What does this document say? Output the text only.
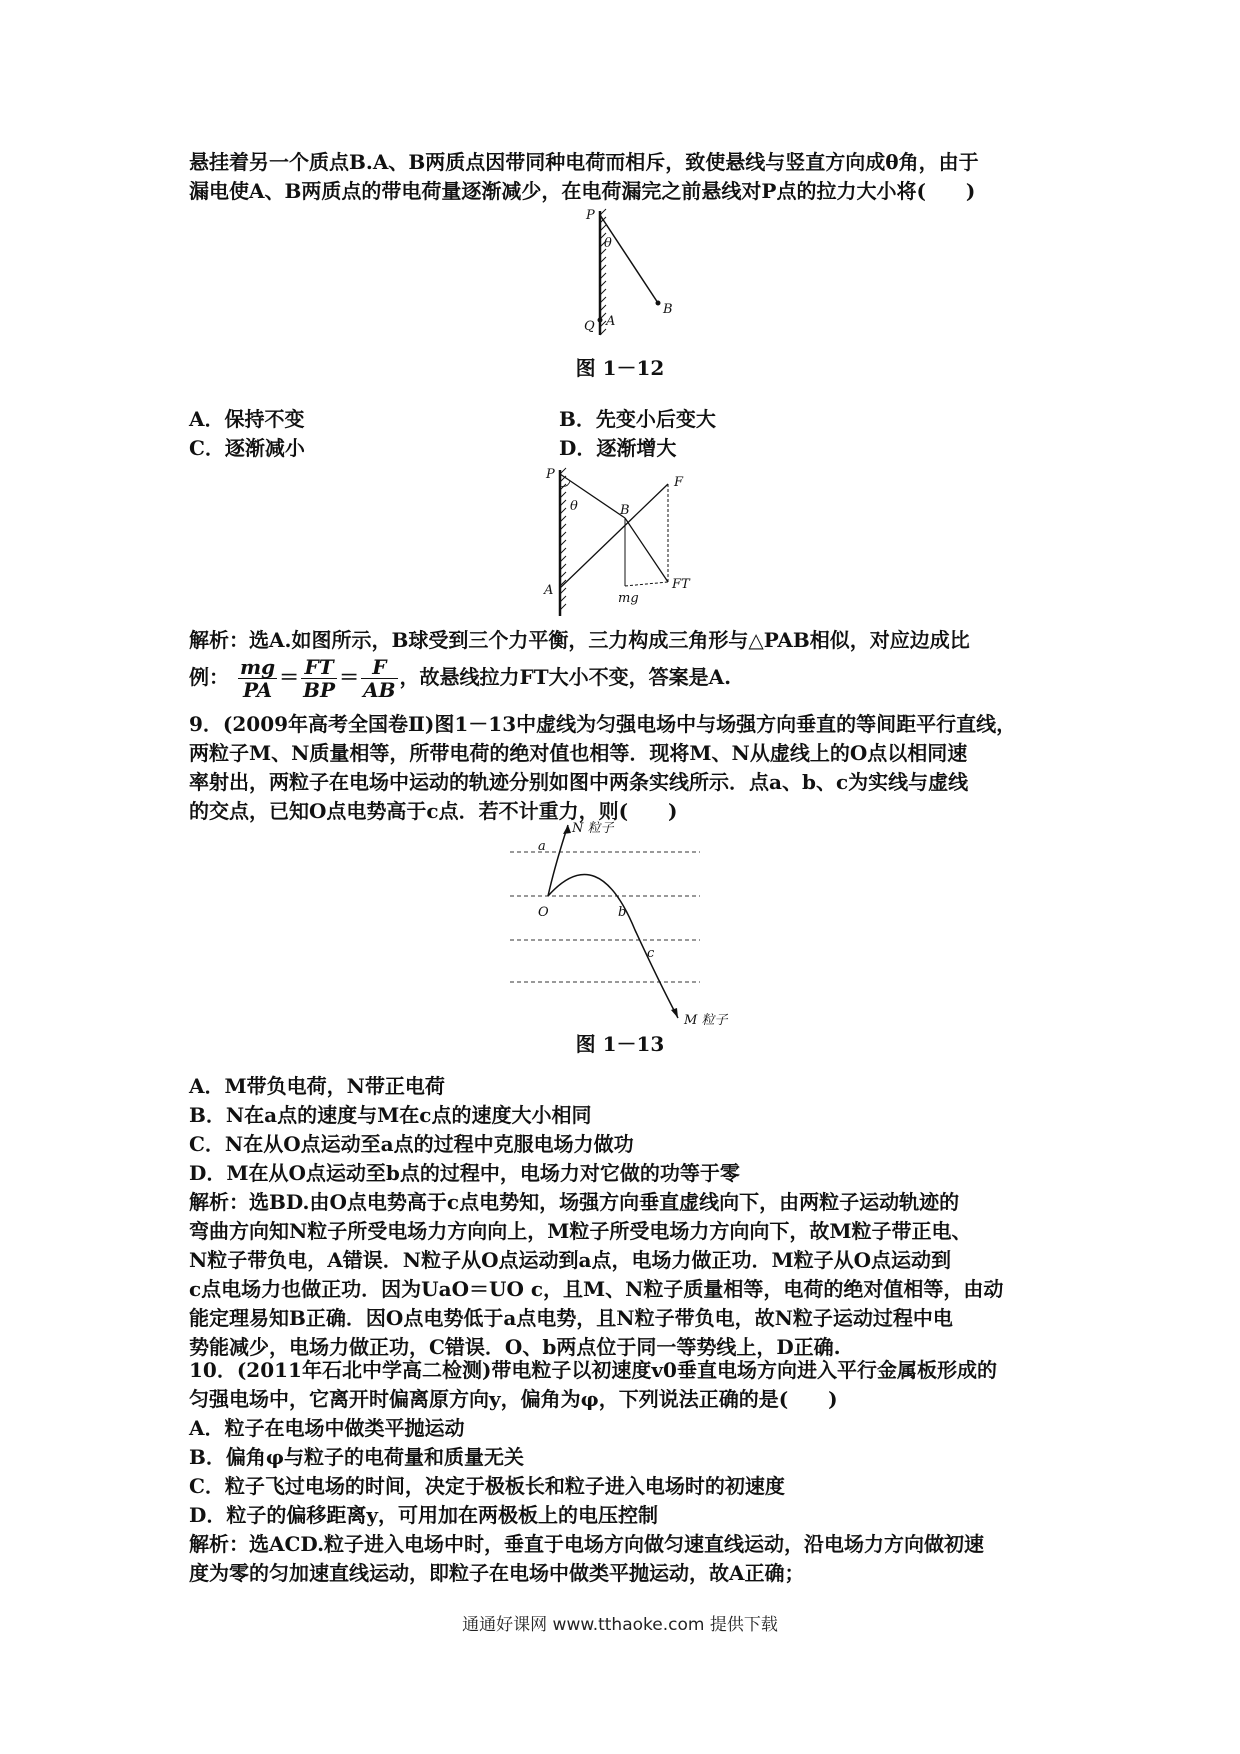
悬挂着另一个质点B.A、B两质点因带同种电荷而相斥，致使悬线与竖直方向成θ角，由于
漏电使A、B两质点的带电荷量逐渐减少，在电荷漏完之前悬线对P点的拉力大小将(　　)
P
θ
B
Q A
图 1－12
A．保持不变	B．先变小后变大
C．逐渐减小	D．逐渐增大
P
θ	B
F
A	FT
mg
解析：选A.如图所示，B球受到三个力平衡，三力构成三角形与△PAB相似，对应边成比
例： $\frac{mg}{PA} = \frac{FT}{BP} = \frac{F}{AB}$ ，故悬线拉力FT大小不变，答案是A.
9．(2009年高考全国卷Ⅱ)图1－13中虚线为匀强电场中与场强方向垂直的等间距平行直线，
两粒子M、N质量相等，所带电荷的绝对值也相等．现将M、N从虚线上的O点以相同速
率射出，两粒子在电场中运动的轨迹分别如图中两条实线所示．点a、b、c为实线与虚线
的交点，已知O点电势高于c点．若不计重力，则(　　)
N 粒子
a
O	b
c
M 粒子
图 1－13
A．M带负电荷，N带正电荷
B．N在a点的速度与M在c点的速度大小相同
C．N在从O点运动至a点的过程中克服电场力做功
D．M在从O点运动至b点的过程中，电场力对它做的功等于零
解析：选BD.由O点电势高于c点电势知，场强方向垂直虚线向下，由两粒子运动轨迹的
弯曲方向知N粒子所受电场力方向向上，M粒子所受电场力方向向下，故M粒子带正电、
N粒子带负电，A错误．N粒子从O点运动到a点，电场力做正功．M粒子从O点运动到
c点电场力也做正功．因为UaO＝UO c，且M、N粒子质量相等，电荷的绝对值相等，由动
能定理易知B正确．因O点电势低于a点电势，且N粒子带负电，故N粒子运动过程中电
势能减少，电场力做正功，C错误．O、b两点位于同一等势线上，D正确.
10．(2011年石北中学高二检测)带电粒子以初速度v0垂直电场方向进入平行金属板形成的
匀强电场中，它离开时偏离原方向y，偏角为φ，下列说法正确的是(　　)
A．粒子在电场中做类平抛运动
B．偏角φ与粒子的电荷量和质量无关
C．粒子飞过电场的时间，决定于极板长和粒子进入电场时的初速度
D．粒子的偏移距离y，可用加在两极板上的电压控制
解析：选ACD.粒子进入电场中时，垂直于电场方向做匀速直线运动，沿电场力方向做初速
度为零的匀加速直线运动，即粒子在电场中做类平抛运动，故A正确；
通通好课网 www.tthaoke.com 提供下载
